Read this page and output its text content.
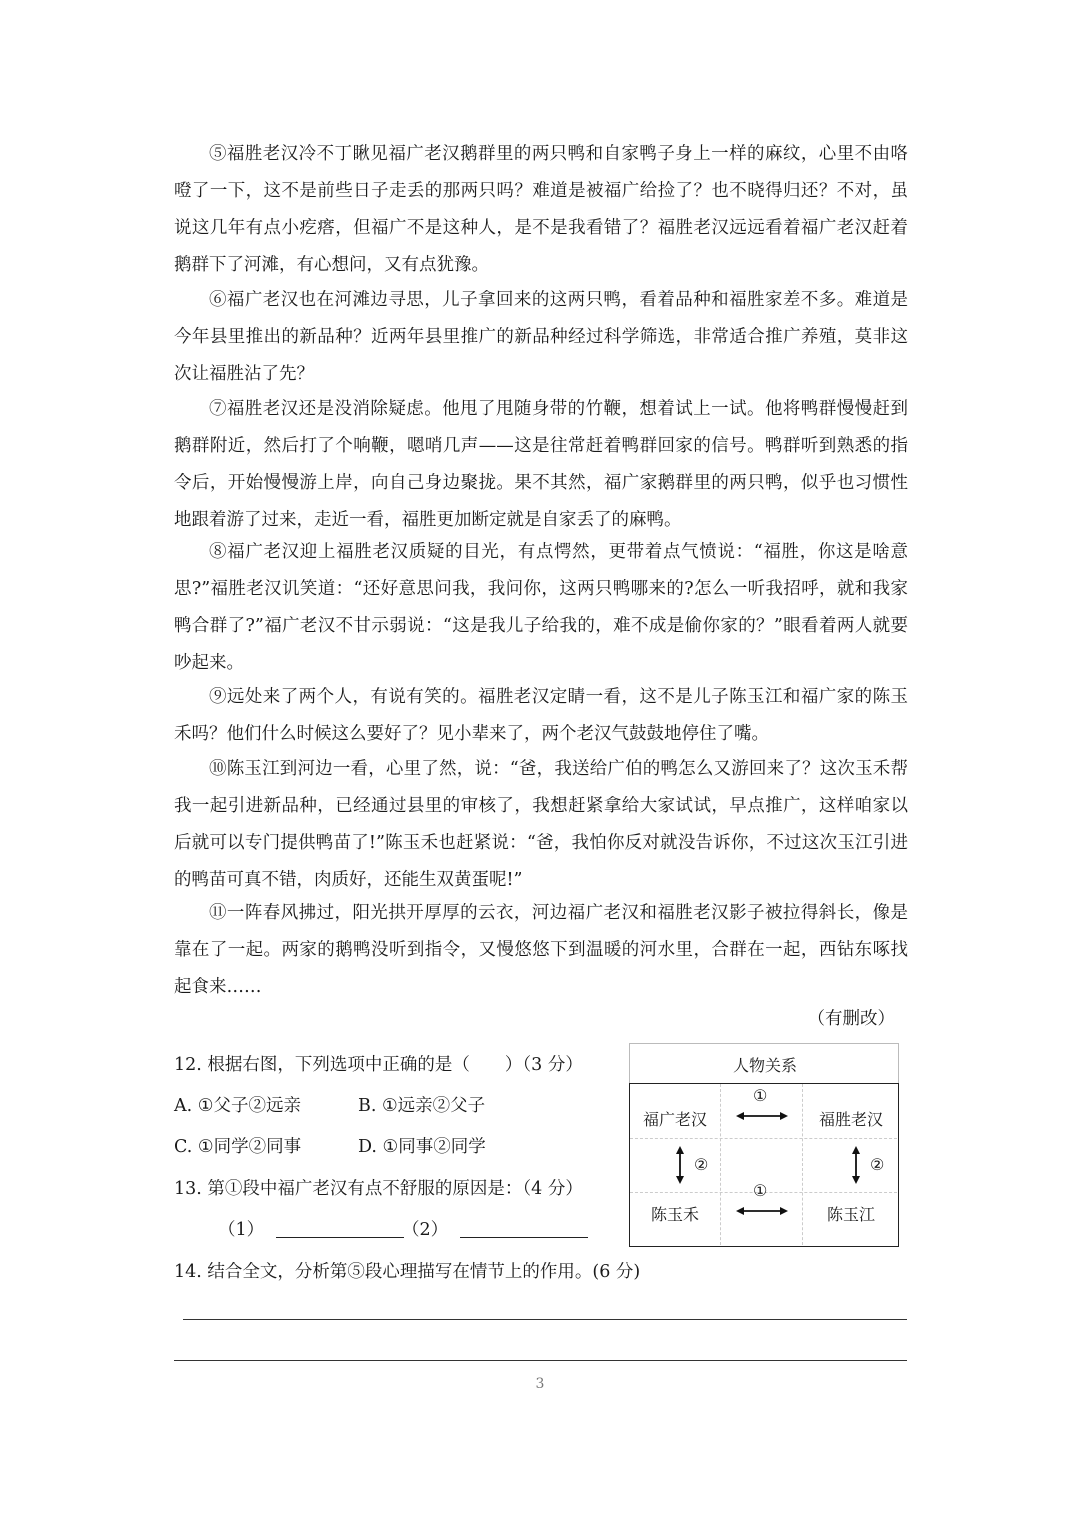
⑤福胜老汉冷不丁瞅见福广老汉鹅群里的两只鸭和自家鸭子身上一样的麻纹，心里不由咯噔了一下，这不是前些日子走丢的那两只吗？难道是被福广给捡了？也不晓得归还？不对，虽说这几年有点小疙瘩，但福广不是这种人，是不是我看错了？福胜老汉远远看着福广老汉赶着鹅群下了河滩，有心想问，又有点犹豫。

⑥福广老汉也在河滩边寻思，儿子拿回来的这两只鸭，看着品种和福胜家差不多。难道是今年县里推出的新品种？近两年县里推广的新品种经过科学筛选，非常适合推广养殖，莫非这次让福胜沾了先？

⑦福胜老汉还是没消除疑虑。他甩了甩随身带的竹鞭，想着试上一试。他将鸭群慢慢赶到鹅群附近，然后打了个响鞭，嗯哨几声——这是往常赶着鸭群回家的信号。鸭群听到熟悉的指令后，开始慢慢游上岸，向自己身边聚拢。果不其然，福广家鹅群里的两只鸭，似乎也习惯性地跟着游了过来，走近一看，福胜更加断定就是自家丢了的麻鸭。

⑧福广老汉迎上福胜老汉质疑的目光，有点愕然，更带着点气愤说：“福胜，你这是啥意思?”福胜老汉讥笑道：“还好意思问我，我问你，这两只鸭哪来的?怎么一听我招呼，就和我家鸭合群了?”福广老汉不甘示弱说：“这是我儿子给我的，难不成是偷你家的？”眼看着两人就要吵起来。

⑨远处来了两个人，有说有笑的。福胜老汉定睛一看，这不是儿子陈玉江和福广家的陈玉禾吗？他们什么时候这么要好了？见小辈来了，两个老汉气鼓鼓地停住了嘴。

⑩陈玉江到河边一看，心里了然，说：“爸，我送给广伯的鸭怎么又游回来了？这次玉禾帮我一起引进新品种，已经通过县里的审核了，我想赶紧拿给大家试试，早点推广，这样咱家以后就可以专门提供鸭苗了!”陈玉禾也赶紧说：“爸，我怕你反对就没告诉你，不过这次玉江引进的鸭苗可真不错，肉质好，还能生双黄蛋呢!”

⑪一阵春风拂过，阳光拱开厚厚的云衣，河边福广老汉和福胜老汉影子被拉得斜长，像是靠在了一起。两家的鹅鸭没听到指令，又慢悠悠下到温暖的河水里，合群在一起，西钻东啄找起食来……

（有删改）
12. 根据右图，下列选项中正确的是（　　）（3 分）
A. ①父子②远亲	B. ①远亲②父子
C. ①同学②同事	D. ①同事②同学
13. 第①段中福广老汉有点不舒服的原因是：（4 分）
（1）	（2）
14. 结合全文，分析第⑤段心理描写在情节上的作用。(6 分)
3
人物关系
福广老汉	福胜老汉
陈玉禾	陈玉江
①
①
②	②
